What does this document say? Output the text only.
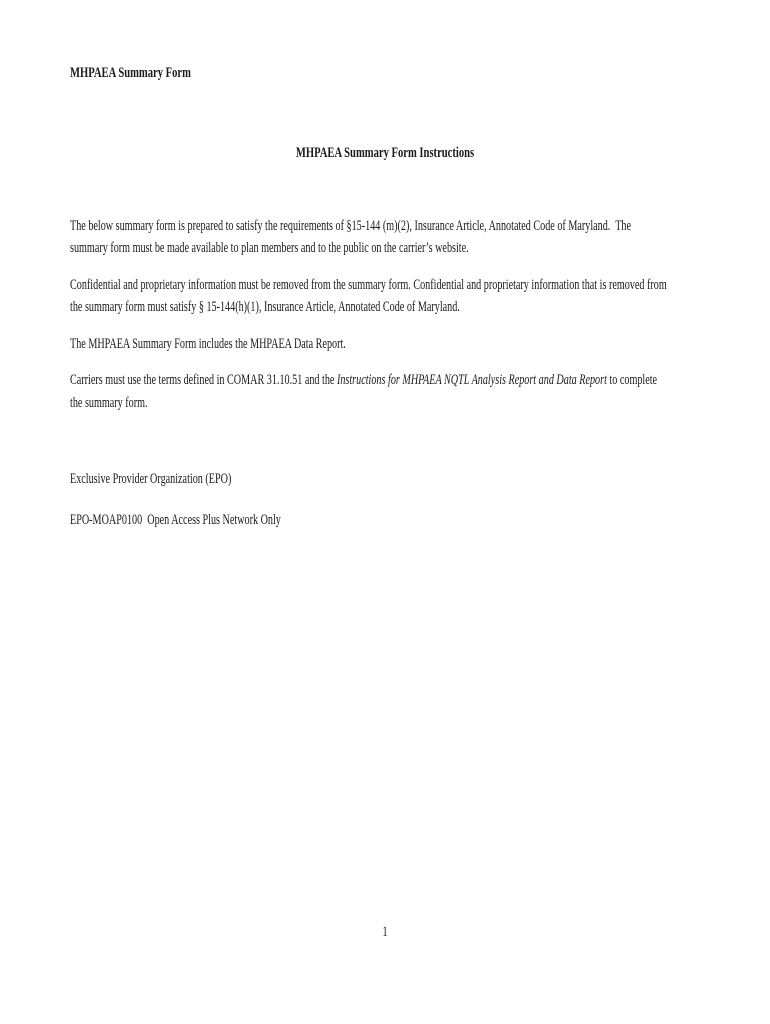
MHPAEA Summary Form
MHPAEA Summary Form Instructions
The below summary form is prepared to satisfy the requirements of §15-144 (m)(2), Insurance Article, Annotated Code of Maryland.  The
summary form must be made available to plan members and to the public on the carrier’s website.
Confidential and proprietary information must be removed from the summary form. Confidential and proprietary information that is removed from
the summary form must satisfy § 15-144(h)(1), Insurance Article, Annotated Code of Maryland.
The MHPAEA Summary Form includes the MHPAEA Data Report.
Carriers must use the terms defined in COMAR 31.10.51 and the Instructions for MHPAEA NQTL Analysis Report and Data Report to complete
the summary form.
Exclusive Provider Organization (EPO)
EPO-MOAP0100  Open Access Plus Network Only
1
